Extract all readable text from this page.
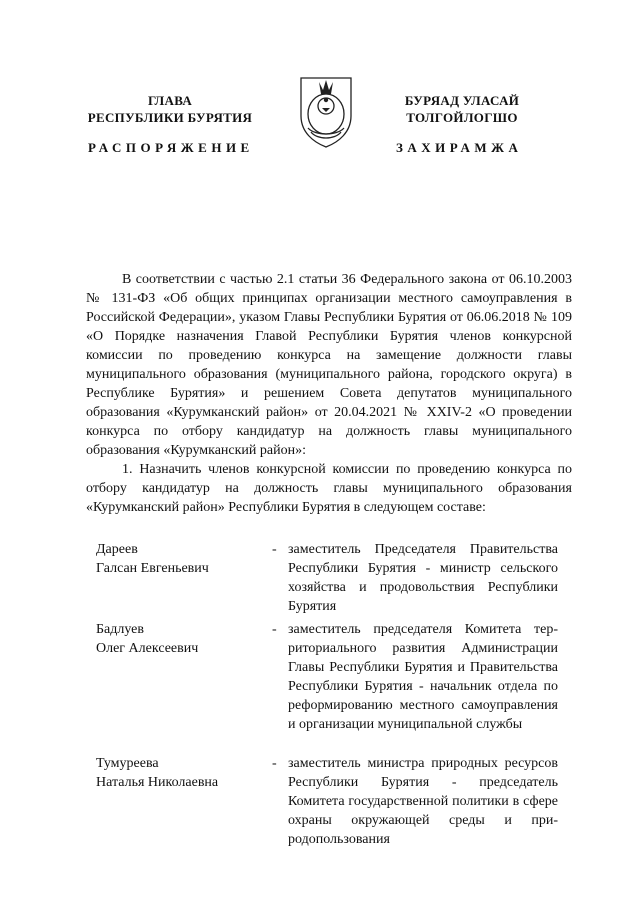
ГЛАВА
РЕСПУБЛИКИ БУРЯТИЯ
БУРЯАД УЛАСАЙ
ТОЛГОЙЛОГШО
РАСПОРЯЖЕНИЕ	ЗАХИРАМЖА

В соответствии с частью 2.1 статьи 36 Федерального закона от 06.10.2003 № 131-ФЗ «Об общих принципах организации местного самоуправления в Российской Федерации», указом Главы Республики Бурятия от 06.06.2018 № 109 «О Порядке назначения Главой Республики Бурятия членов конкурсной комиссии по проведению конкурса на замещение должности главы муниципального образования (муниципального района, городского округа) в Республике Бурятия» и решением Совета депутатов муниципального образования «Курумканский район» от 20.04.2021 № XXIV-2 «О проведении конкурса по отбору кандидатур на должность главы муниципального образования «Курумканский район»:

1. Назначить членов конкурсной комиссии по проведению конкурса по отбору кандидатур на должность главы муниципального образования «Курумканский район» Республики Бурятия в следующем составе:

Дареев
Галсан Евгеньевич
- заместитель Председателя Правительства Республики Бурятия - министр сельского хозяйства и продовольствия Республики Бурятия
Бадлуев
Олег Алексеевич
- заместитель председателя Комитета территориального развития Администрации Главы Республики Бурятия и Правительства Республики Бурятия - начальник отдела по реформированию местного самоуправления и организации муниципальной службы
Тумуреева
Наталья Николаевна
- заместитель министра природных ресурсов Республики Бурятия - председатель Комитета государственной политики в сфере охраны окружающей среды и природопользования
